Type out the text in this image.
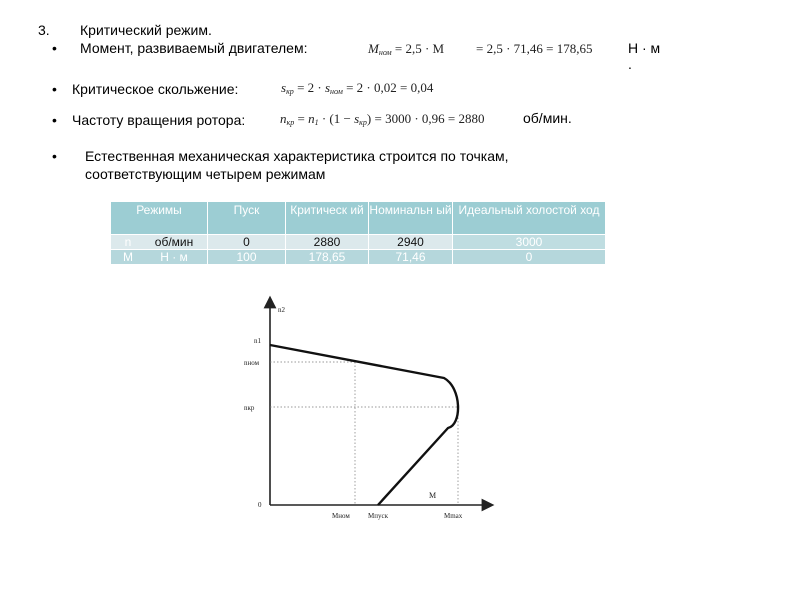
3. Критический режим.
• Момент, развиваемый двигателем:	$M_{ном} = 2,5 \cdot M = 2,5 \cdot 71,46 = 178,65$	Н · м
.
• Критическое скольжение:	$s_{кр} = 2 \cdot s_{ном} = 2 \cdot 0,02 = 0,04$
• Частоту вращения ротора:	$n_{кр} = n_1 \cdot (1 - s_{кр}) = 3000 \cdot 0,96 = 2880$	об/мин.
• Естественная механическая характеристика строится по точкам,
соответствующим четырем режимам
Режимы	Пуск	Критическ ий	Номинальн ый	Идеальный холостой ход
n об/мин	0	2880	2940	3000
М Н · м	100	178,65	71,46	0
n2
n1
nном
nкр
0
Mном	Mпуск	Mmax
M
